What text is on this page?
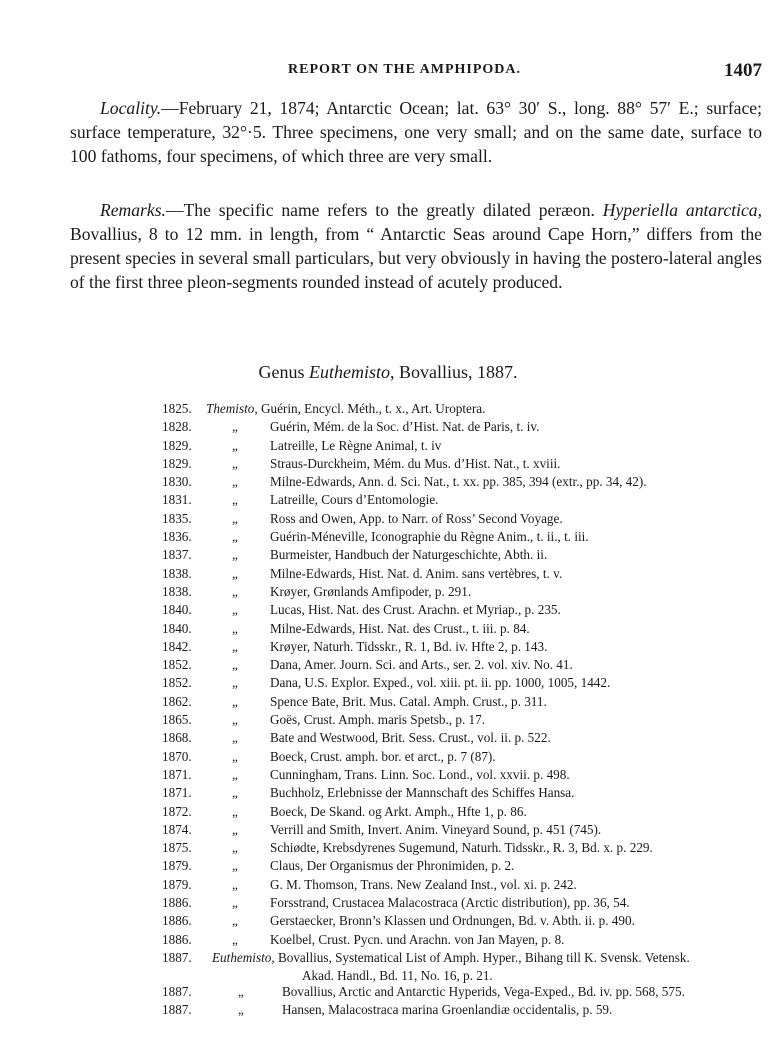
REPORT ON THE AMPHIPODA.	1407
Locality.—February 21, 1874; Antarctic Ocean; lat. 63° 30′ S., long. 88° 57′ E.; surface; surface temperature, 32°·5. Three specimens, one very small; and on the same date, surface to 100 fathoms, four specimens, of which three are very small.
Remarks.—The specific name refers to the greatly dilated peræon. Hyperiella antarctica, Bovallius, 8 to 12 mm. in length, from “ Antarctic Seas around Cape Horn,” differs from the present species in several small particulars, but very obviously in having the postero-lateral angles of the first three pleon-segments rounded instead of acutely produced.
Genus Euthemisto, Bovallius, 1887.
1825. Themisto, Guérin, Encycl. Méth., t. x., Art. Uroptera.
1828.	„ Guérin, Mém. de la Soc. d’Hist. Nat. de Paris, t. iv.
1829.	„ Latreille, Le Règne Animal, t. iv
1829.	„ Straus-Durckheim, Mém. du Mus. d’Hist. Nat., t. xviii.
1830.	„ Milne-Edwards, Ann. d. Sci. Nat., t. xx. pp. 385, 394 (extr., pp. 34, 42).
1831.	„ Latreille, Cours d’Entomologie.
1835.	„ Ross and Owen, App. to Narr. of Ross’ Second Voyage.
1836.	„ Guérin-Méneville, Iconographie du Règne Anim., t. ii., t. iii.
1837.	„ Burmeister, Handbuch der Naturgeschichte, Abth. ii.
1838.	„ Milne-Edwards, Hist. Nat. d. Anim. sans vertèbres, t. v.
1838.	„ Krøyer, Grønlands Amfipoder, p. 291.
1840.	„ Lucas, Hist. Nat. des Crust. Arachn. et Myriap., p. 235.
1840.	„ Milne-Edwards, Hist. Nat. des Crust., t. iii. p. 84.
1842.	„ Krøyer, Naturh. Tidsskr., R. 1, Bd. iv. Hfte 2, p. 143.
1852.	„ Dana, Amer. Journ. Sci. and Arts., ser. 2. vol. xiv. No. 41.
1852.	„ Dana, U.S. Explor. Exped., vol. xiii. pt. ii. pp. 1000, 1005, 1442.
1862.	„ Spence Bate, Brit. Mus. Catal. Amph. Crust., p. 311.
1865.	„ Goës, Crust. Amph. maris Spetsb., p. 17.
1868.	„ Bate and Westwood, Brit. Sess. Crust., vol. ii. p. 522.
1870.	„ Boeck, Crust. amph. bor. et arct., p. 7 (87).
1871.	„ Cunningham, Trans. Linn. Soc. Lond., vol. xxvii. p. 498.
1871.	„ Buchholz, Erlebnisse der Mannschaft des Schiffes Hansa.
1872.	„ Boeck, De Skand. og Arkt. Amph., Hfte 1, p. 86.
1874.	„ Verrill and Smith, Invert. Anim. Vineyard Sound, p. 451 (745).
1875.	„ Schiødte, Krebsdyrenes Sugemund, Naturh. Tidsskr., R. 3, Bd. x. p. 229.
1879.	„ Claus, Der Organismus der Phronimiden, p. 2.
1879.	„ G. M. Thomson, Trans. New Zealand Inst., vol. xi. p. 242.
1886.	„ Forsstrand, Crustacea Malacostraca (Arctic distribution), pp. 36, 54.
1886.	„ Gerstaecker, Bronn’s Klassen und Ordnungen, Bd. v. Abth. ii. p. 490.
1886.	„ Koelbel, Crust. Pycn. und Arachn. von Jan Mayen, p. 8.
1887. Euthemisto, Bovallius, Systematical List of Amph. Hyper., Bihang till K. Svensk. Vetensk.
Akad. Handl., Bd. 11, No. 16, p. 21.
1887.	„	Bovallius, Arctic and Antarctic Hyperids, Vega-Exped., Bd. iv. pp. 568, 575.
1887.	„	Hansen, Malacostraca marina Groenlandiæ occidentalis, p. 59.
